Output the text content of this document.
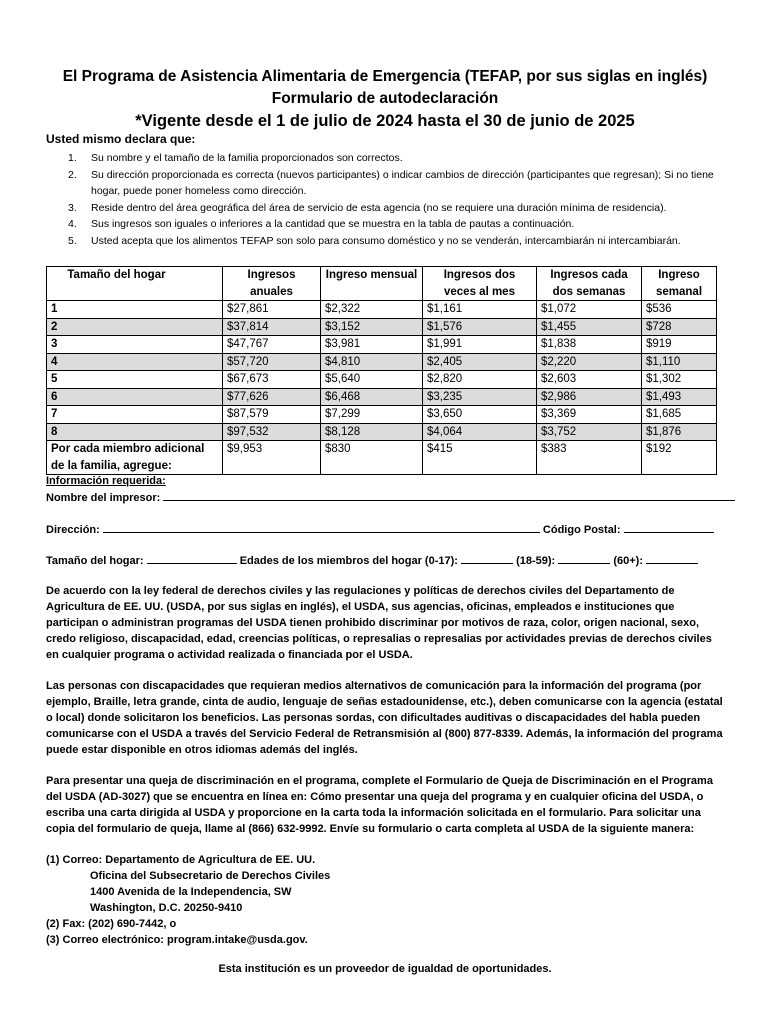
El Programa de Asistencia Alimentaria de Emergencia (TEFAP, por sus siglas en inglés)
Formulario de autodeclaración
*Vigente desde el 1 de julio de 2024 hasta el 30 de junio de 2025
Usted mismo declara que:
1. Su nombre y el tamaño de la familia proporcionados son correctos.
2. Su dirección proporcionada es correcta (nuevos participantes) o indicar cambios de dirección (participantes que regresan); Si no tiene hogar, puede poner homeless como dirección.
3. Reside dentro del área geográfica del área de servicio de esta agencia (no se requiere una duración mínima de residencia).
4. Sus ingresos son iguales o inferiores a la cantidad que se muestra en la tabla de pautas a continuación.
5. Usted acepta que los alimentos TEFAP son solo para consumo doméstico y no se venderán, intercambiarán ni intercambiarán.
Tamaño del hogar	Ingresos anuales	Ingreso mensual	Ingresos dos veces al mes	Ingresos cada dos semanas	Ingreso semanal
1	$27,861	$2,322	$1,161	$1,072	$536
2	$37,814	$3,152	$1,576	$1,455	$728
3	$47,767	$3,981	$1,991	$1,838	$919
4	$57,720	$4,810	$2,405	$2,220	$1,110
5	$67,673	$5,640	$2,820	$2,603	$1,302
6	$77,626	$6,468	$3,235	$2,986	$1,493
7	$87,579	$7,299	$3,650	$3,369	$1,685
8	$97,532	$8,128	$4,064	$3,752	$1,876
Por cada miembro adicional de la familia, agregue:	$9,953	$830	$415	$383	$192
Información requerida:
Nombre del impresor:
Dirección:	Código Postal:
Tamaño del hogar:	Edades de los miembros del hogar (0-17):	(18-59):	(60+):
De acuerdo con la ley federal de derechos civiles y las regulaciones y políticas de derechos civiles del Departamento de Agricultura de EE. UU. (USDA, por sus siglas en inglés), el USDA, sus agencias, oficinas, empleados e instituciones que participan o administran programas del USDA tienen prohibido discriminar por motivos de raza, color, origen nacional, sexo, credo religioso, discapacidad, edad, creencias políticas, o represalias o represalias por actividades previas de derechos civiles en cualquier programa o actividad realizada o financiada por el USDA.
Las personas con discapacidades que requieran medios alternativos de comunicación para la información del programa (por ejemplo, Braille, letra grande, cinta de audio, lenguaje de señas estadounidense, etc.), deben comunicarse con la agencia (estatal o local) donde solicitaron los beneficios. Las personas sordas, con dificultades auditivas o discapacidades del habla pueden comunicarse con el USDA a través del Servicio Federal de Retransmisión al (800) 877-8339. Además, la información del programa puede estar disponible en otros idiomas además del inglés.
Para presentar una queja de discriminación en el programa, complete el Formulario de Queja de Discriminación en el Programa del USDA (AD-3027) que se encuentra en línea en: Cómo presentar una queja del programa y en cualquier oficina del USDA, o escriba una carta dirigida al USDA y proporcione en la carta toda la información solicitada en el formulario. Para solicitar una copia del formulario de queja, llame al (866) 632-9992. Envíe su formulario o carta completa al USDA de la siguiente manera:
(1) Correo: Departamento de Agricultura de EE. UU.
Oficina del Subsecretario de Derechos Civiles
1400 Avenida de la Independencia, SW
Washington, D.C. 20250-9410
(2) Fax: (202) 690-7442, o
(3) Correo electrónico: program.intake@usda.gov.
Esta institución es un proveedor de igualdad de oportunidades.
